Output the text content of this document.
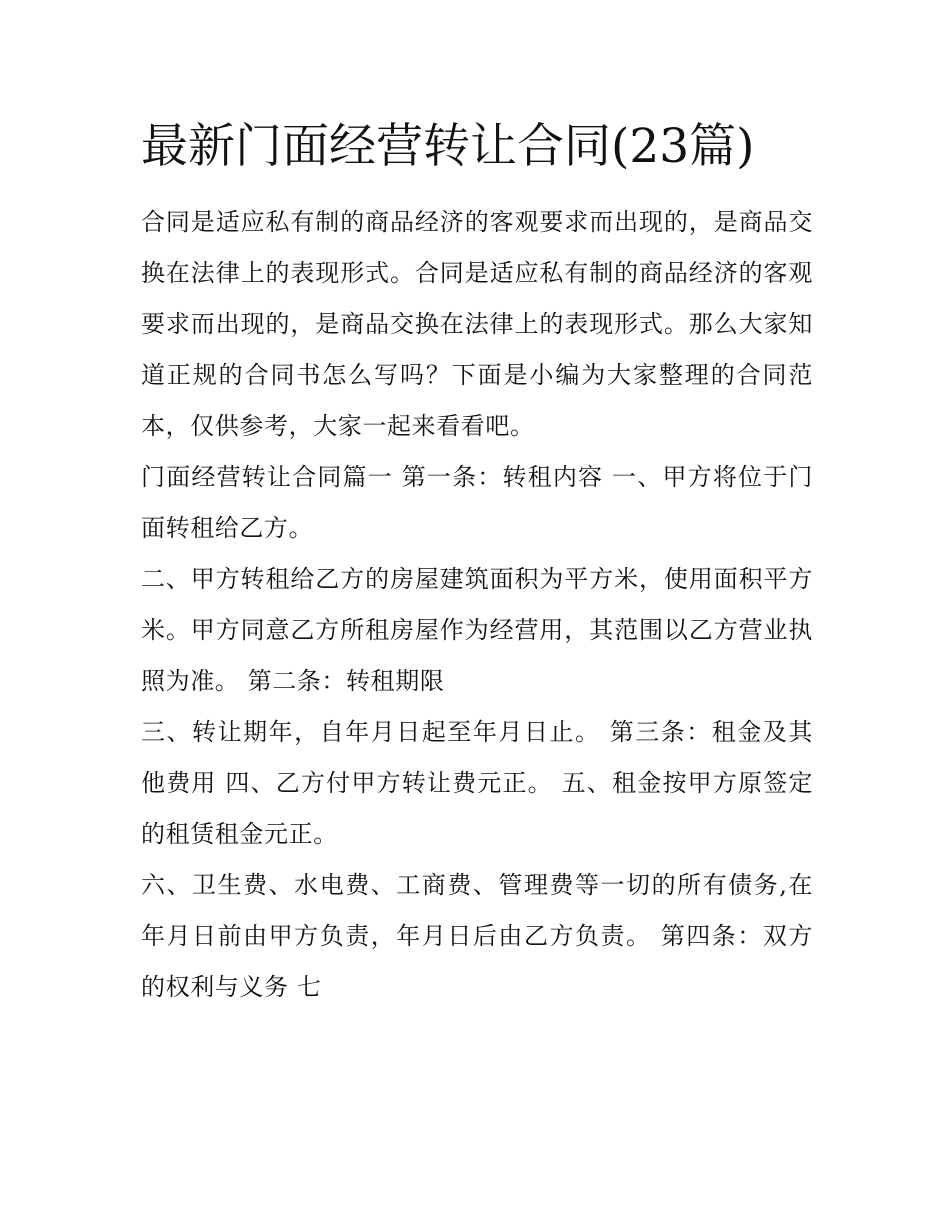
最新门面经营转让合同(23篇)

合同是适应私有制的商品经济的客观要求而出现的，是商品交换在法律上的表现形式。合同是适应私有制的商品经济的客观要求而出现的，是商品交换在法律上的表现形式。那么大家知道正规的合同书怎么写吗？下面是小编为大家整理的合同范本，仅供参考，大家一起来看看吧。

门面经营转让合同篇一 第一条：转租内容 一、甲方将位于门面转租给乙方。

二、甲方转租给乙方的房屋建筑面积为平方米，使用面积平方米。甲方同意乙方所租房屋作为经营用，其范围以乙方营业执照为准。 第二条：转租期限

三、转让期年，自年月日起至年月日止。 第三条：租金及其他费用 四、乙方付甲方转让费元正。 五、租金按甲方原签定的租赁租金元正。

六、卫生费、水电费、工商费、管理费等一切的所有债务,在年月日前由甲方负责，年月日后由乙方负责。 第四条：双方的权利与义务 七
